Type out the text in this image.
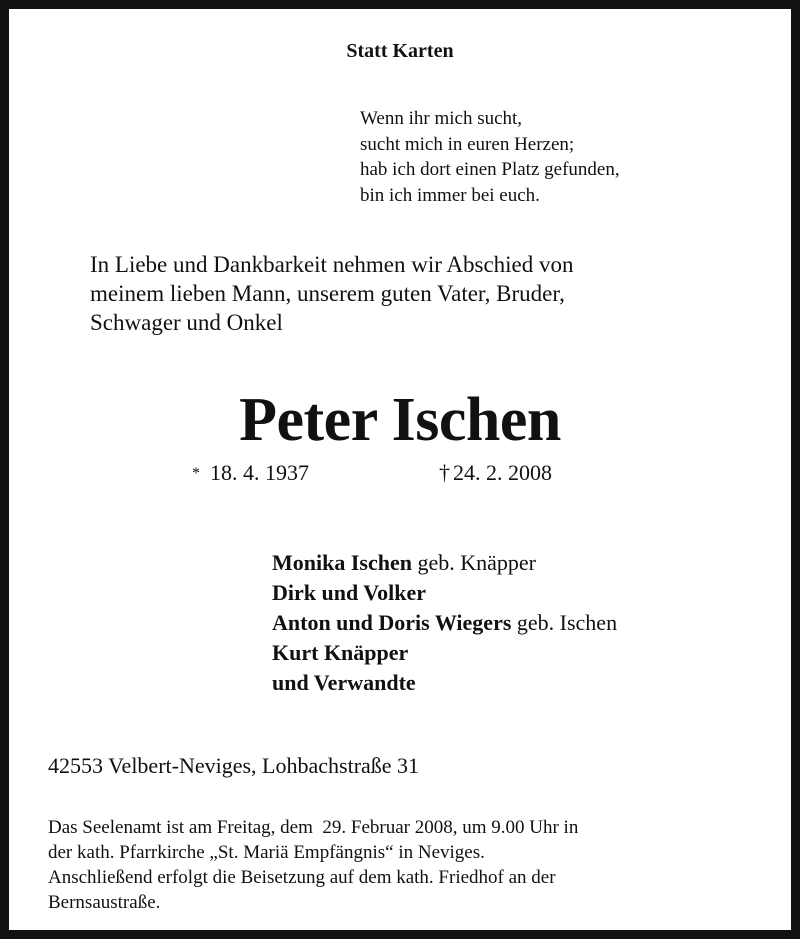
Statt Karten
Wenn ihr mich sucht,
sucht mich in euren Herzen;
hab ich dort einen Platz gefunden,
bin ich immer bei euch.
In Liebe und Dankbarkeit nehmen wir Abschied von
meinem lieben Mann, unserem guten Vater, Bruder,
Schwager und Onkel
Peter Ischen
* 18. 4. 1937	† 24. 2. 2008
Monika Ischen geb. Knäpper
Dirk und Volker
Anton und Doris Wiegers geb. Ischen
Kurt Knäpper
und Verwandte
42553 Velbert-Neviges, Lohbachstraße 31
Das Seelenamt ist am Freitag, dem  29. Februar 2008, um 9.00 Uhr in
der kath. Pfarrkirche „St. Mariä Empfängnis“ in Neviges.
Anschließend erfolgt die Beisetzung auf dem kath. Friedhof an der
Bernsaustraße.
